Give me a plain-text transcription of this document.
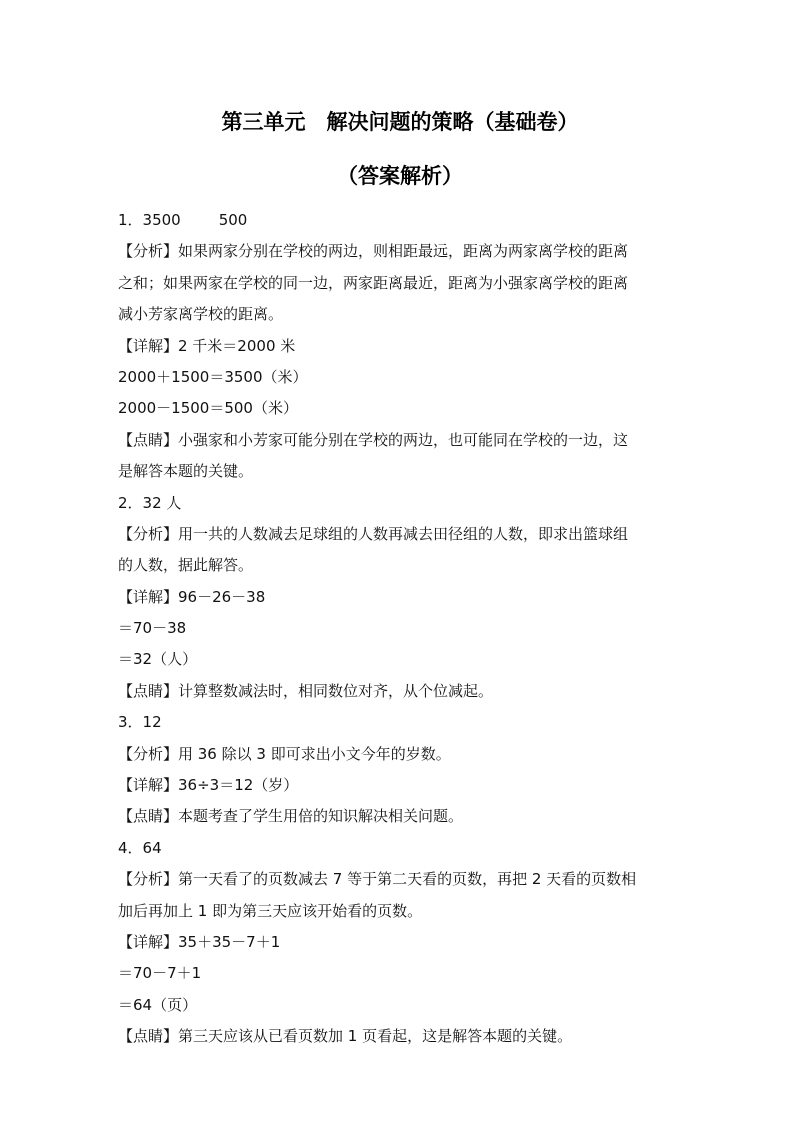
第三单元　解决问题的策略（基础卷）
（答案解析）
1．3500	500
【分析】如果两家分别在学校的两边，则相距最远，距离为两家离学校的距离
之和；如果两家在学校的同一边，两家距离最近，距离为小强家离学校的距离
减小芳家离学校的距离。
【详解】2 千米＝2000 米
2000＋1500＝3500（米）
2000－1500＝500（米）
【点睛】小强家和小芳家可能分别在学校的两边，也可能同在学校的一边，这
是解答本题的关键。
2．32 人
【分析】用一共的人数减去足球组的人数再减去田径组的人数，即求出篮球组
的人数，据此解答。
【详解】96－26－38
＝70－38
＝32（人）
【点睛】计算整数减法时，相同数位对齐，从个位减起。
3．12
【分析】用 36 除以 3 即可求出小文今年的岁数。
【详解】36÷3＝12（岁）
【点睛】本题考查了学生用倍的知识解决相关问题。
4．64
【分析】第一天看了的页数减去 7 等于第二天看的页数，再把 2 天看的页数相
加后再加上 1 即为第三天应该开始看的页数。
【详解】35＋35－7＋1
＝70－7＋1
＝64（页）
【点睛】第三天应该从已看页数加 1 页看起，这是解答本题的关键。
